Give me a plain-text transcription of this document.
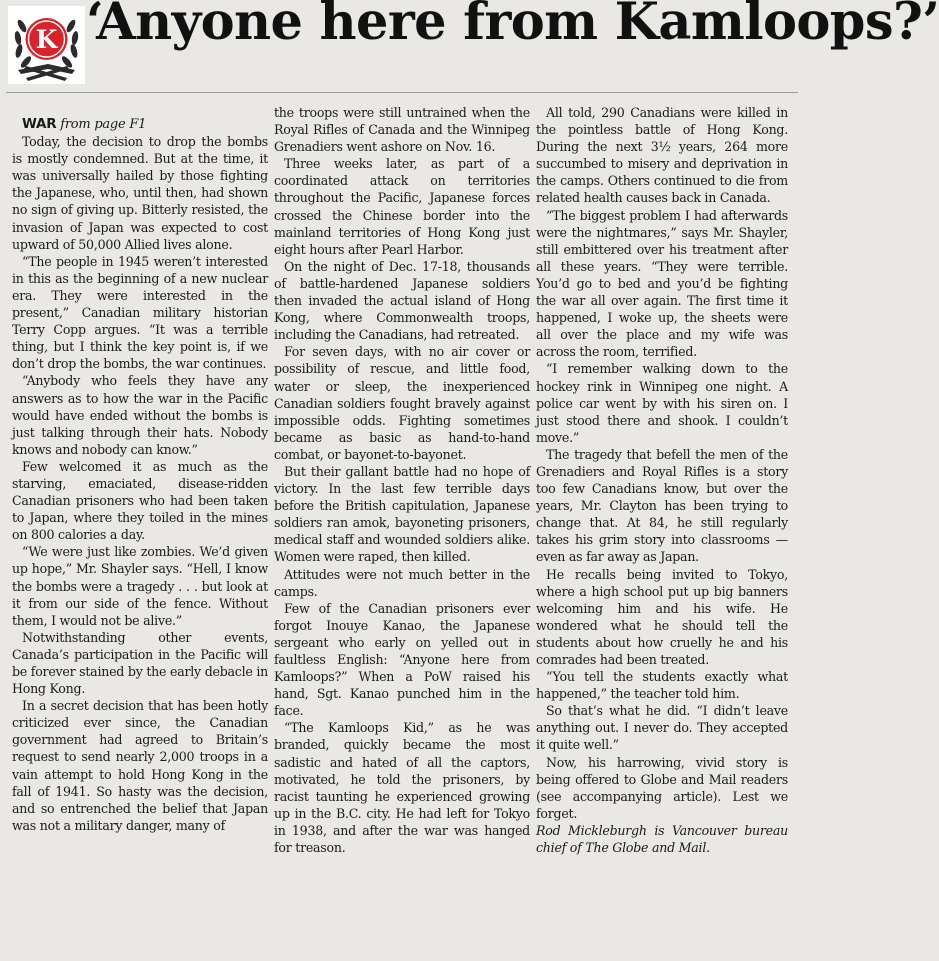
K ‘Anyone here from Kamloops?’

WAR from page F1

Today, the decision to drop the bombs is mostly condemned. But at the time, it was universally hailed by those fighting the Japanese, who, until then, had shown no sign of giving up. Bitterly resisted, the invasion of Japan was expected to cost upward of 50,000 Allied lives alone.

“The people in 1945 weren’t interested in this as the beginning of a new nuclear era. They were interested in the present,” Canadian military historian Terry Copp argues. “It was a terrible thing, but I think the key point is, if we don’t drop the bombs, the war continues.

“Anybody who feels they have any answers as to how the war in the Pacific would have ended without the bombs is just talking through their hats. Nobody knows and nobody can know.”

Few welcomed it as much as the starving, emaciated, disease-ridden Canadian prisoners who had been taken to Japan, where they toiled in the mines on 800 calories a day.

“We were just like zombies. We’d given up hope,” Mr. Shayler says. “Hell, I know the bombs were a tragedy . . . but look at it from our side of the fence. Without them, I would not be alive.”

Notwithstanding other events, Canada’s participation in the Pacific will be forever stained by the early debacle in Hong Kong.

In a secret decision that has been hotly criticized ever since, the Canadian government had agreed to Britain’s request to send nearly 2,000 troops in a vain attempt to hold Hong Kong in the fall of 1941. So hasty was the decision, and so entrenched the belief that Japan was not a military danger, many of

the troops were still untrained when the Royal Rifles of Canada and the Winnipeg Grenadiers went ashore on Nov. 16.

Three weeks later, as part of a coordinated attack on territories throughout the Pacific, Japanese forces crossed the Chinese border into the mainland territories of Hong Kong just eight hours after Pearl Harbor.

On the night of Dec. 17-18, thousands of battle-hardened Japanese soldiers then invaded the actual island of Hong Kong, where Commonwealth troops, including the Canadians, had retreated.

For seven days, with no air cover or possibility of rescue, and little food, water or sleep, the inexperienced Canadian soldiers fought bravely against impossible odds. Fighting sometimes became as basic as hand-to-hand combat, or bayonet-to-bayonet.

But their gallant battle had no hope of victory. In the last few terrible days before the British capitulation, Japanese soldiers ran amok, bayoneting prisoners, medical staff and wounded soldiers alike. Women were raped, then killed.

Attitudes were not much better in the camps.

Few of the Canadian prisoners ever forgot Inouye Kanao, the Japanese sergeant who early on yelled out in faultless English: “Anyone here from Kamloops?” When a PoW raised his hand, Sgt. Kanao punched him in the face.

“The Kamloops Kid,” as he was branded, quickly became the most sadistic and hated of all the captors, motivated, he told the prisoners, by racist taunting he experienced growing up in the B.C. city. He had left for Tokyo in 1938, and after the war was hanged for treason.

All told, 290 Canadians were killed in the pointless battle of Hong Kong. During the next 3½ years, 264 more succumbed to misery and deprivation in the camps. Others continued to die from related health causes back in Canada.

“The biggest problem I had afterwards were the nightmares,” says Mr. Shayler, still embittered over his treatment after all these years. “They were terrible. You’d go to bed and you’d be fighting the war all over again. The first time it happened, I woke up, the sheets were all over the place and my wife was across the room, terrified.

“I remember walking down to the hockey rink in Winnipeg one night. A police car went by with his siren on. I just stood there and shook. I couldn’t move.”

The tragedy that befell the men of the Grenadiers and Royal Rifles is a story too few Canadians know, but over the years, Mr. Clayton has been trying to change that. At 84, he still regularly takes his grim story into classrooms — even as far away as Japan.

He recalls being invited to Tokyo, where a high school put up big banners welcoming him and his wife. He wondered what he should tell the students about how cruelly he and his comrades had been treated.

“You tell the students exactly what happened,” the teacher told him.

So that’s what he did. “I didn’t leave anything out. I never do. They accepted it quite well.”

Now, his harrowing, vivid story is being offered to Globe and Mail readers (see accompanying article). Lest we forget.

Rod Mickleburgh is Vancouver bureau chief of The Globe and Mail.
